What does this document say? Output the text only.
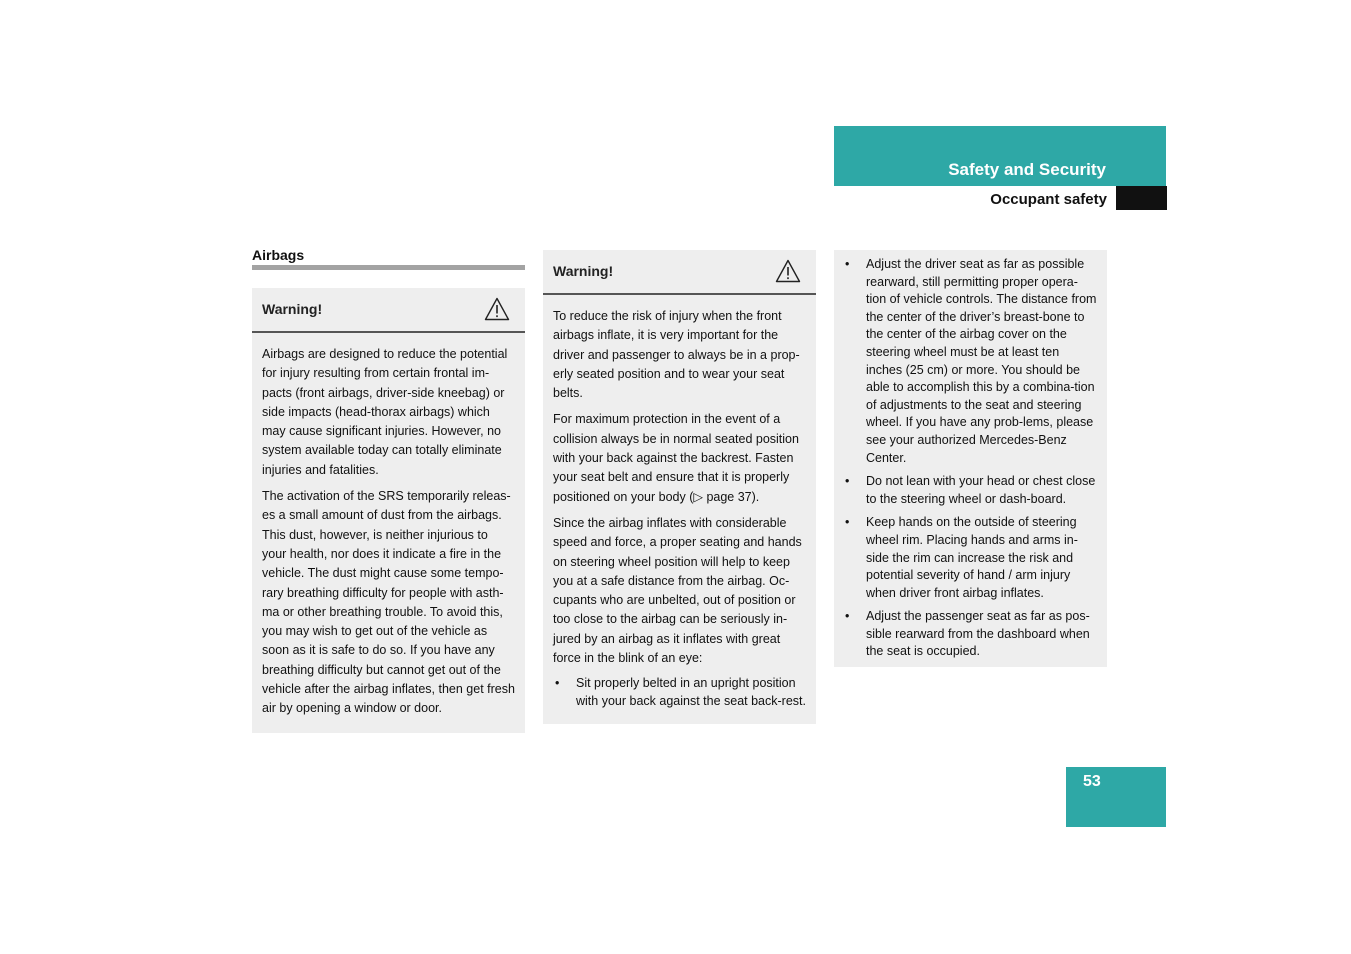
Safety and Security
Occupant safety
Airbags
Warning!

Airbags are designed to reduce the potential for injury resulting from certain frontal im-pacts (front airbags, driver-side kneebag) or side impacts (head-thorax airbags) which may cause significant injuries. However, no system available today can totally eliminate injuries and fatalities.

The activation of the SRS temporarily releas-es a small amount of dust from the airbags. This dust, however, is neither injurious to your health, nor does it indicate a fire in the vehicle. The dust might cause some tempo-rary breathing difficulty for people with asth-ma or other breathing trouble. To avoid this, you may wish to get out of the vehicle as soon as it is safe to do so. If you have any breathing difficulty but cannot get out of the vehicle after the airbag inflates, then get fresh air by opening a window or door.

Warning!

To reduce the risk of injury when the front airbags inflate, it is very important for the driver and passenger to always be in a prop-erly seated position and to wear your seat belts.

For maximum protection in the event of a collision always be in normal seated position with your back against the backrest. Fasten your seat belt and ensure that it is properly positioned on your body (▷ page 37).

Since the airbag inflates with considerable speed and force, a proper seating and hands on steering wheel position will help to keep you at a safe distance from the airbag. Oc-cupants who are unbelted, out of position or too close to the airbag can be seriously in-jured by an airbag as it inflates with great force in the blink of an eye:

• Sit properly belted in an upright position with your back against the seat back-rest.
• Adjust the driver seat as far as possible rearward, still permitting proper opera-tion of vehicle controls. The distance from the center of the driver’s breast-bone to the center of the airbag cover on the steering wheel must be at least ten inches (25 cm) or more. You should be able to accomplish this by a combina-tion of adjustments to the seat and steering wheel. If you have any prob-lems, please see your authorized Mercedes-Benz Center.
• Do not lean with your head or chest close to the steering wheel or dash-board.
• Keep hands on the outside of steering wheel rim. Placing hands and arms in-side the rim can increase the risk and potential severity of hand / arm injury when driver front airbag inflates.
• Adjust the passenger seat as far as pos-sible rearward from the dashboard when the seat is occupied.
53
